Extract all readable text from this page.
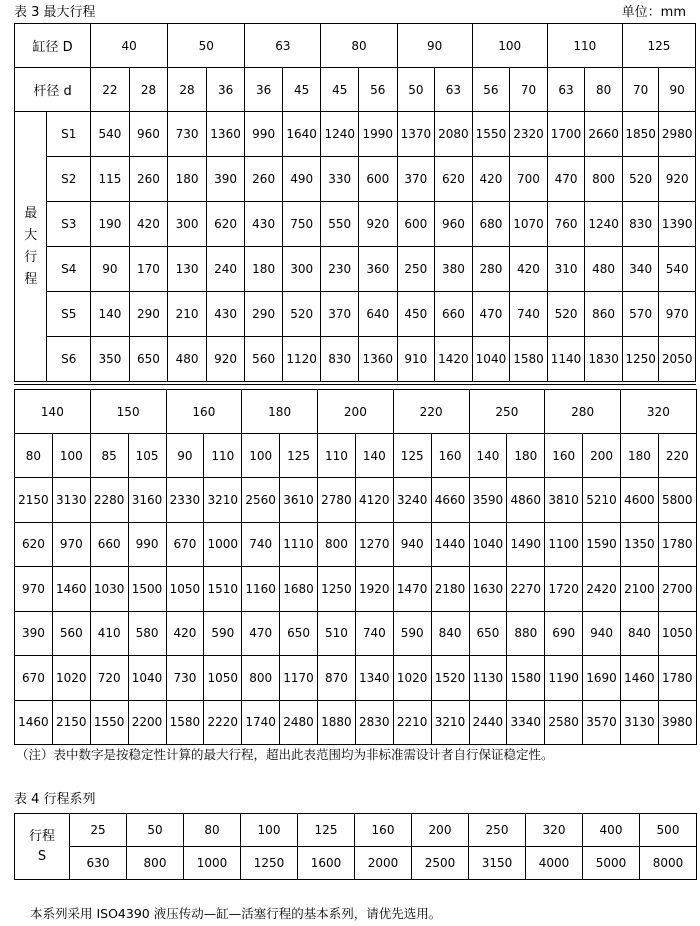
表 3 最大行程	单位：mm
缸径 D		40		50		63		80		90		100		110		125	
杆径 d		22	28	28	36	36	45	45	56	50	63	56	70	63	80	70	90

最
大
行
程	S1	540	960	730	1360	990	1640	1240	1990	1370	2080	1550	2320	1700	2660	1850	2980
	S2	115	260	180	390	260	490	330	600	370	620	420	700	470	800	520	920
	S3	190	420	300	620	430	750	550	920	600	960	680	1070	760	1240	830	1390
	S4	90	170	130	240	180	300	230	360	250	380	280	420	310	480	340	540
	S5	140	290	210	430	290	520	370	640	450	660	470	740	520	860	570	970
	S6	350	650	480	920	560	1120	830	1360	910	1420	1040	1580	1140	1830	1250	2050
140		150		160		180		200		220		250		280		320	
80	100	85	105	90	110	100	125	110	140	125	160	140	180	160	200	180	220
2150	3130	2280	3160	2330	3210	2560	3610	2780	4120	3240	4660	3590	4860	3810	5210	4600	5800
620	970	660	990	670	1000	740	1110	800	1270	940	1440	1040	1490	1100	1590	1350	1780
970	1460	1030	1500	1050	1510	1160	1680	1250	1920	1470	2180	1630	2270	1720	2420	2100	2700
390	560	410	580	420	590	470	650	510	740	590	840	650	880	690	940	840	1050
670	1020	720	1040	730	1050	800	1170	870	1340	1020	1520	1130	1580	1190	1690	1460	1780
1460	2150	1550	2200	1580	2220	1740	2480	1880	2830	2210	3210	2440	3340	2580	3570	3130	3980
（注）表中数字是按稳定性计算的最大行程，超出此表范围均为非标准需设计者自行保证稳定性。
表 4 行程系列
行程
S	25	50	80	100	125	160	200	250	320	400	500
	630	800	1000	1250	1600	2000	2500	3150	4000	5000	8000
本系列采用 ISO4390 液压传动—缸—活塞行程的基本系列，请优先选用。
